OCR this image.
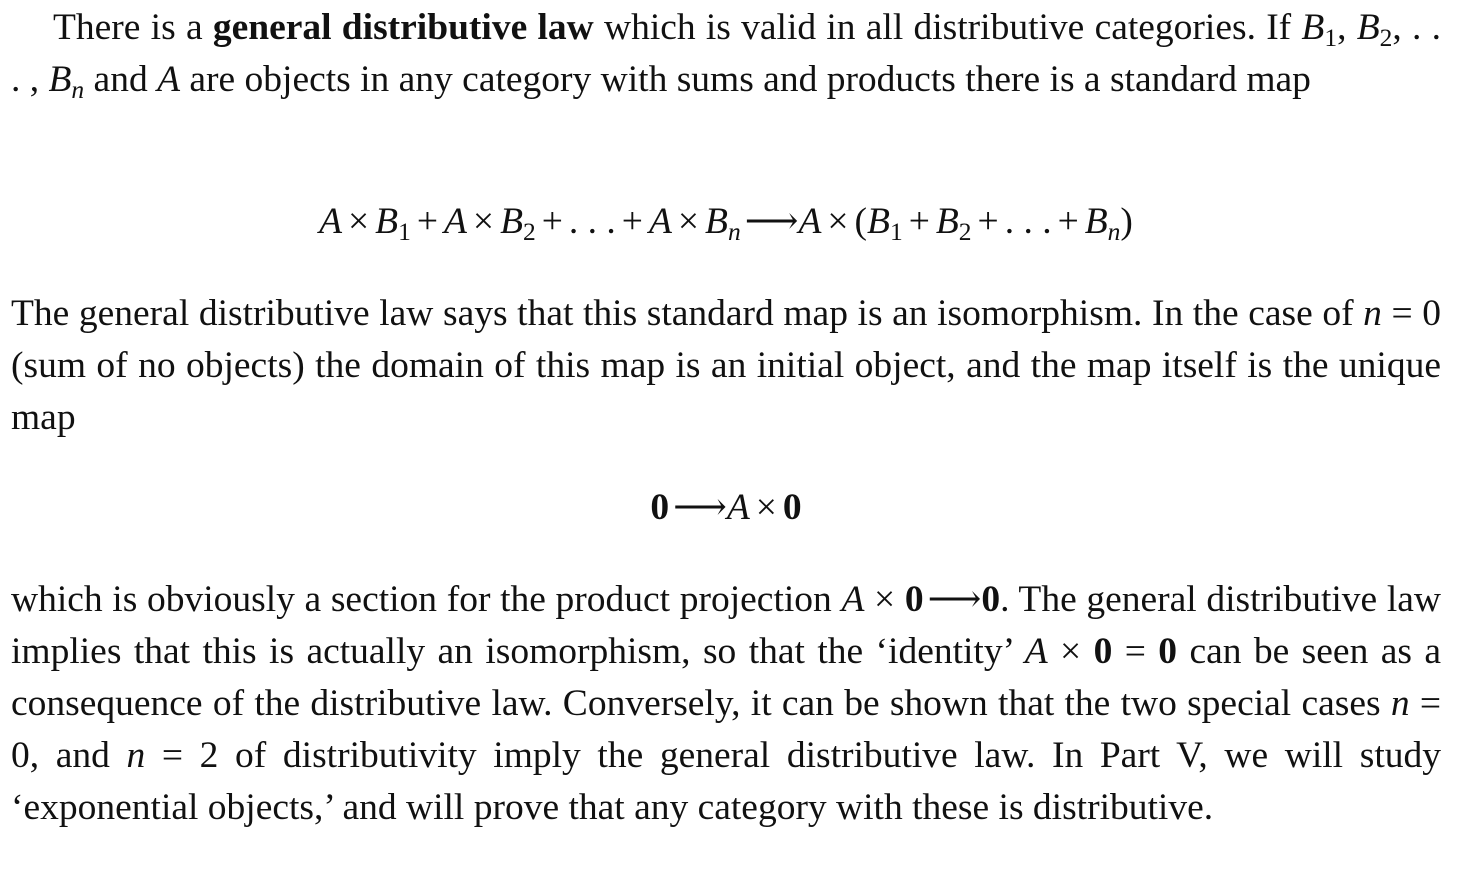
There is a general distributive law which is valid in all distributive categories. If $B_1$, $B_2$, . . . , $B_n$ and A are objects in any category with sums and products there is a standard map

$A \times B_1 + A \times B_2$ + . . . + $A \times B_n$ ⟶ $A \times (B_1 + B_2$ + . . . + $B_n$)

The general distributive law says that this standard map is an isomorphism. In the case of n = 0 (sum of no objects) the domain of this map is an initial object, and the map itself is the unique map

0 ⟶ A × 0

which is obviously a section for the product projection A × 0 ⟶ 0. The general distributive law implies that this is actually an isomorphism, so that the ‘identity’ A × 0 = 0 can be seen as a consequence of the distributive law. Conversely, it can be shown that the two special cases n = 0, and n = 2 of distributivity imply the general distributive law. In Part V, we will study ‘exponential objects,’ and will prove that any category with these is distributive.
